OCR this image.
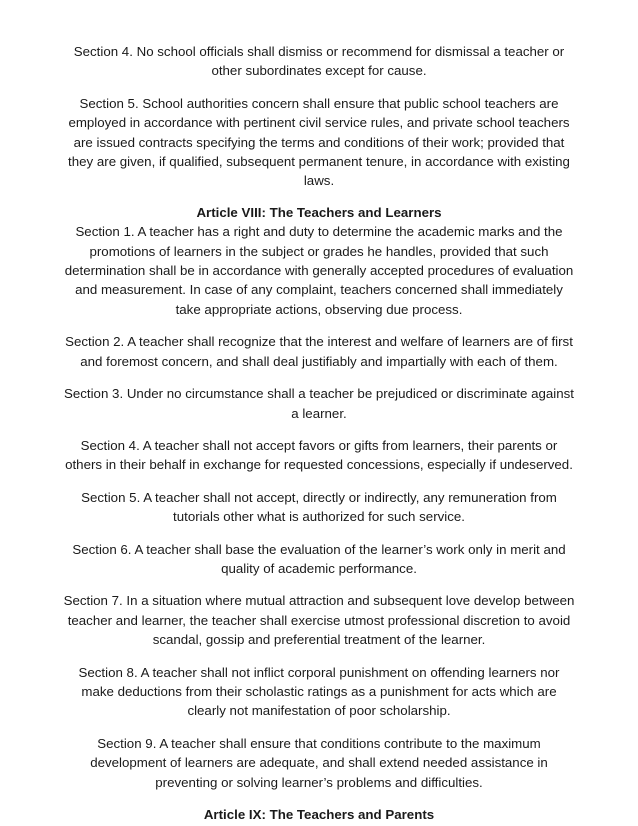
Section 4. No school officials shall dismiss or recommend for dismissal a teacher or other subordinates except for cause.

Section 5. School authorities concern shall ensure that public school teachers are employed in accordance with pertinent civil service rules, and private school teachers are issued contracts specifying the terms and conditions of their work; provided that they are given, if qualified, subsequent permanent tenure, in accordance with existing laws.

Article VIII: The Teachers and Learners

Section 1. A teacher has a right and duty to determine the academic marks and the promotions of learners in the subject or grades he handles, provided that such determination shall be in accordance with generally accepted procedures of evaluation and measurement. In case of any complaint, teachers concerned shall immediately take appropriate actions, observing due process.

Section 2. A teacher shall recognize that the interest and welfare of learners are of first and foremost concern, and shall deal justifiably and impartially with each of them.

Section 3. Under no circumstance shall a teacher be prejudiced or discriminate against a learner.

Section 4. A teacher shall not accept favors or gifts from learners, their parents or others in their behalf in exchange for requested concessions, especially if undeserved.

Section 5. A teacher shall not accept, directly or indirectly, any remuneration from tutorials other what is authorized for such service.

Section 6. A teacher shall base the evaluation of the learner’s work only in merit and quality of academic performance.

Section 7. In a situation where mutual attraction and subsequent love develop between teacher and learner, the teacher shall exercise utmost professional discretion to avoid scandal, gossip and preferential treatment of the learner.

Section 8. A teacher shall not inflict corporal punishment on offending learners nor make deductions from their scholastic ratings as a punishment for acts which are clearly not manifestation of poor scholarship.

Section 9. A teacher shall ensure that conditions contribute to the maximum development of learners are adequate, and shall extend needed assistance in preventing or solving learner’s problems and difficulties.

Article IX: The Teachers and Parents
